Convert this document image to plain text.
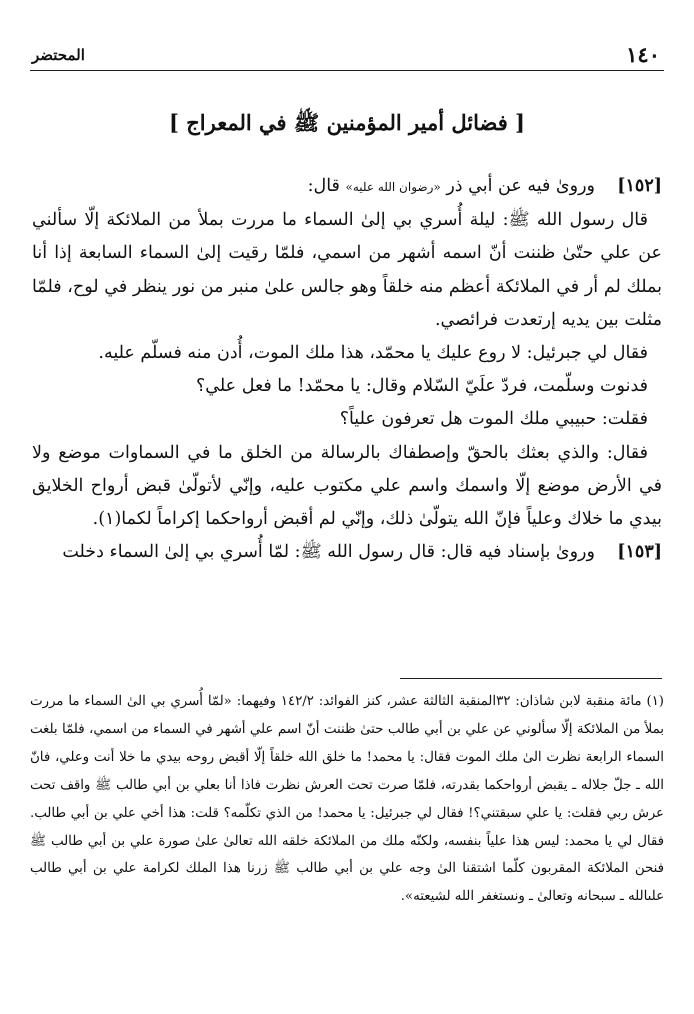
١٤٠
المحتضر
[ فضائل أمير المؤمنين ﷺ في المعراج ]

[١٥٢]    ورویٰ فيه عن أبي ذر «رضوان الله عليه» قال:

قال رسول الله ﷺ: ليلة أُسري بي إلىٰ السماء ما مررت بملأ من الملائكة إلّا سألني عن علي حتّىٰ ظننت أنّ اسمه أشهر من اسمي، فلمّا رقيت إلىٰ السماء السابعة إذا أنا بملك لم أر في الملائكة أعظم منه خلقاً وهو جالس علىٰ منبر من نور ينظر في لوح، فلمّا مثلت بين يديه إرتعدت فرائصي.

فقال لي جبرئيل: لا روع عليك يا محمّد، هذا ملك الموت، أُدن منه فسلّم عليه.

فدنوت وسلّمت، فردّ علَيّ السّلام وقال: يا محمّد! ما فعل علي؟

فقلت: حبيبي ملك الموت هل تعرفون علياً؟

فقال: والذي بعثك بالحقّ وإصطفاك بالرسالة من الخلق ما في السماوات موضع ولا في الأرض موضع إلّا واسمك واسم علي مكتوب عليه، وإنّي لأتولّىٰ قبض أرواح الخلايق بيدي ما خلاك وعلياً فإنّ الله يتولّىٰ ذلك، وإنّي لم أقبض أرواحكما إكراماً لكما(١).

[١٥٣]    ورویٰ بإسناد فيه قال: قال رسول الله ﷺ: لمّا أُسري بي إلىٰ السماء دخلت

(١) مائة منقبة لابن شاذان: ٣٢المنقبة الثالثة عشر، كنز الفوائد: ١٤٢/٢ وفيهما: «لمّا أُسري بي الىٰ السماء ما مررت بملأ من الملائكة إلّا سألوني عن علي بن أبي طالب حتىٰ ظننت أنّ اسم علي أشهر في السماء من اسمي، فلمّا بلغت السماء الرابعة نظرت الىٰ ملك الموت فقال: يا محمد! ما خلق الله خلقاً إلّا أقبض روحه بيدي ما خلا أنت وعلي، فانّ الله ـ جلّ جلاله ـ يقبض أرواحكما بقدرته، فلمّا صرت تحت العرش نظرت فاذا أنا بعلي بن أبي طالب ﷺ واقف تحت عرش ربي فقلت: يا علي سبقتني؟! فقال لي جبرئيل: يا محمد! من الذي تكلّمه؟ قلت: هذا أخي علي بن أبي طالب. فقال لي يا محمد: ليس هذا علياً بنفسه، ولكنّه ملك من الملائكة خلقه الله تعالىٰ علىٰ صورة علي بن أبي طالب ﷺ فنحن الملائكة المقربون كلّما اشتقنا الىٰ وجه علي بن أبي طالب ﷺ زرنا هذا الملك لكرامة علي بن أبي طالب علىالله ـ سبحانه وتعالىٰ ـ ونستغفر الله لشيعته».
